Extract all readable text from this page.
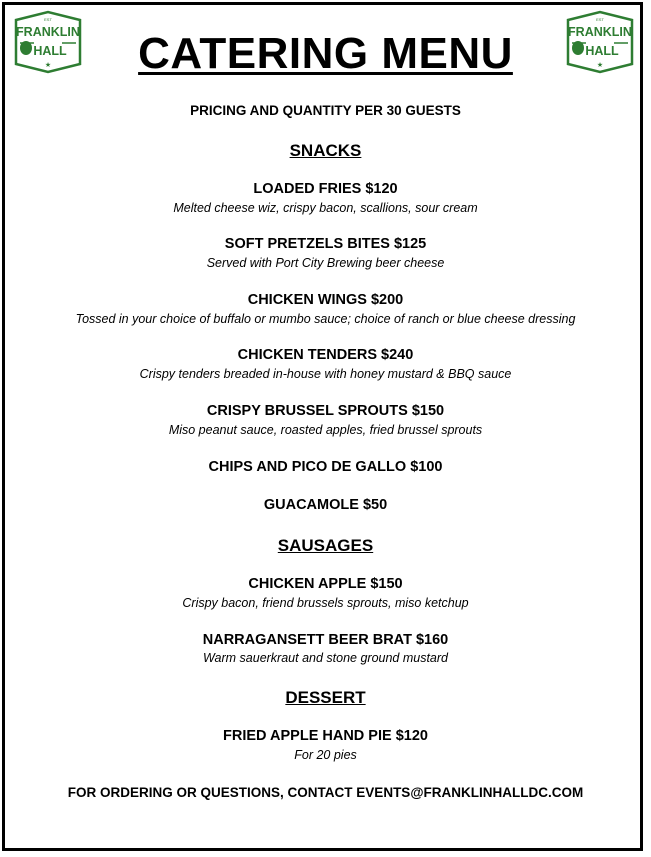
EST
FRANKLIN
HALL
★
EST
FRANKLIN
HALL
★
CATERING MENU
PRICING AND QUANTITY PER 30 GUESTS
SNACKS
LOADED FRIES $120
Melted cheese wiz, crispy bacon, scallions, sour cream
SOFT PRETZELS BITES $125
Served with Port City Brewing beer cheese
CHICKEN WINGS $200
Tossed in your choice of buffalo or mumbo sauce; choice of ranch or blue cheese dressing
CHICKEN TENDERS $240
Crispy tenders breaded in-house with honey mustard & BBQ sauce
CRISPY BRUSSEL SPROUTS $150
Miso peanut sauce, roasted apples, fried brussel sprouts
CHIPS AND PICO DE GALLO $100
GUACAMOLE $50
SAUSAGES
CHICKEN APPLE $150
Crispy bacon, friend brussels sprouts, miso ketchup
NARRAGANSETT BEER BRAT $160
Warm sauerkraut and stone ground mustard
DESSERT
FRIED APPLE HAND PIE $120
For 20 pies
FOR ORDERING OR QUESTIONS, CONTACT EVENTS@FRANKLINHALLDC.COM
